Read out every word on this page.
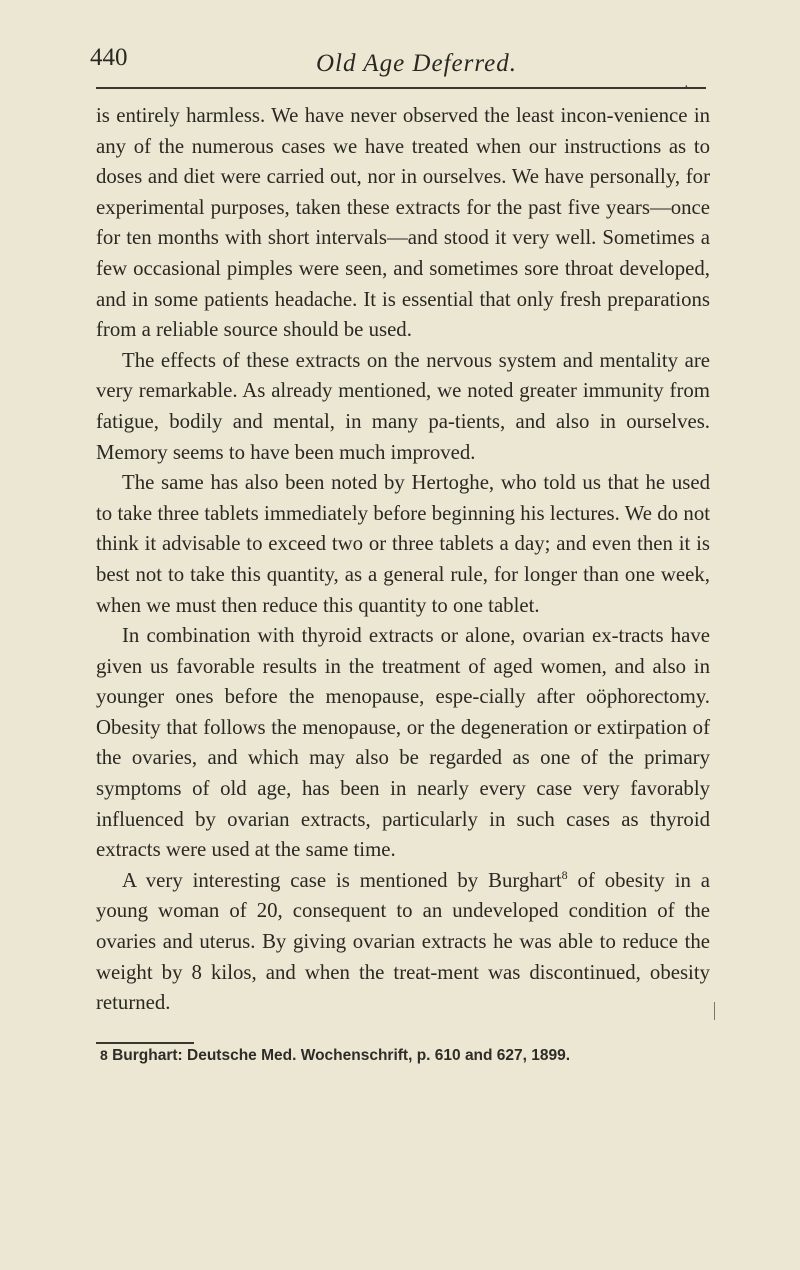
440	Old Age Deferred.
·

is entirely harmless. We have never observed the least incon-venience in any of the numerous cases we have treated when our instructions as to doses and diet were carried out, nor in ourselves. We have personally, for experimental purposes, taken these extracts for the past five years—once for ten months with short intervals—and stood it very well. Sometimes a few occasional pimples were seen, and sometimes sore throat developed, and in some patients headache. It is essential that only fresh preparations from a reliable source should be used.

The effects of these extracts on the nervous system and mentality are very remarkable. As already mentioned, we noted greater immunity from fatigue, bodily and mental, in many pa-tients, and also in ourselves. Memory seems to have been much improved.

The same has also been noted by Hertoghe, who told us that he used to take three tablets immediately before beginning his lectures. We do not think it advisable to exceed two or three tablets a day; and even then it is best not to take this quantity, as a general rule, for longer than one week, when we must then reduce this quantity to one tablet.

In combination with thyroid extracts or alone, ovarian ex-tracts have given us favorable results in the treatment of aged women, and also in younger ones before the menopause, espe-cially after oöphorectomy. Obesity that follows the menopause, or the degeneration or extirpation of the ovaries, and which may also be regarded as one of the primary symptoms of old age, has been in nearly every case very favorably influenced by ovarian extracts, particularly in such cases as thyroid extracts were used at the same time.

A very interesting case is mentioned by Burghart$^8$ of obesity in a young woman of 20, consequent to an undeveloped condition of the ovaries and uterus. By giving ovarian extracts he was able to reduce the weight by 8 kilos, and when the treat-ment was discontinued, obesity returned.

8 Burghart: Deutsche Med. Wochenschrift, p. 610 and 627, 1899.
